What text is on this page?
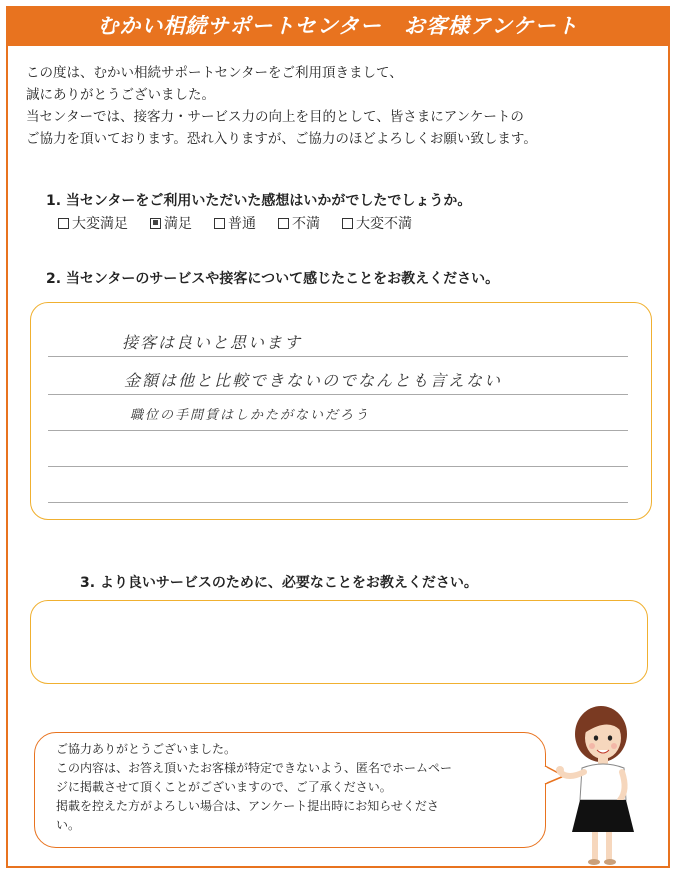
むかい相続サポートセンター　お客様アンケート
この度は、むかい相続サポートセンターをご利用頂きまして、
誠にありがとうございました。
当センターでは、接客力・サービス力の向上を目的として、皆さまにアンケートの
ご協力を頂いております。恐れ入りますが、ご協力のほどよろしくお願い致します。
1. 当センターをご利用いただいた感想はいかがでしたでしょうか。
大変満足	満足	普通	不満	大変不満
2. 当センターのサービスや接客について感じたことをお教えください。
接客は良いと思います
金額は他と比較できないのでなんとも言えない
職位の手間賃はしかたがないだろう
3. より良いサービスのために、必要なことをお教えください。
ご協力ありがとうございました。
この内容は、お答え頂いたお客様が特定できないよう、匿名でホームペー
ジに掲載させて頂くことがございますので、ご了承ください。
掲載を控えた方がよろしい場合は、アンケート提出時にお知らせくださ
い。
